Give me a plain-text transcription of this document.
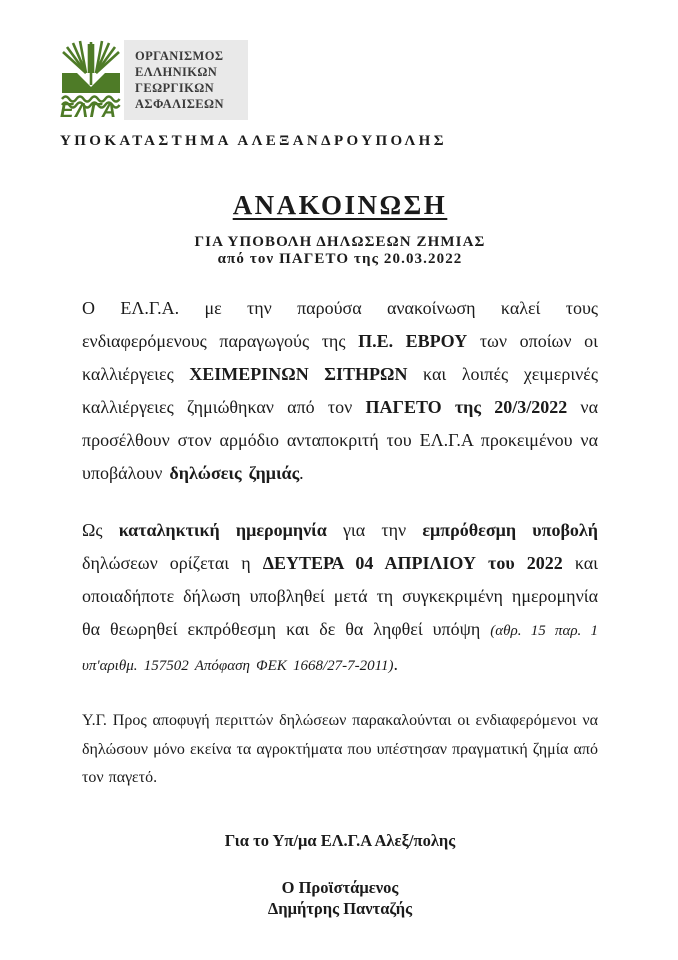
ΕΛΓΑ
ΟΡΓΑΝΙΣΜΟΣ
ΕΛΛΗΝΙΚΩΝ
ΓΕΩΡΓΙΚΩΝ
ΑΣΦΑΛΙΣΕΩΝ
ΥΠΟΚΑΤΑΣΤΗΜΑ ΑΛΕΞΑΝΔΡΟΥΠΟΛΗΣ
ΑΝΑΚΟΙΝΩΣΗ
ΓΙΑ ΥΠΟΒΟΛΗ ΔΗΛΩΣΕΩΝ ΖΗΜΙΑΣ
από τον ΠΑΓΕΤΟ της 20.03.2022

Ο ΕΛ.Γ.Α. με την παρούσα ανακοίνωση καλεί τους ενδιαφερόμενους παραγωγούς της Π.Ε. ΕΒΡΟΥ των οποίων οι καλλιέργειες ΧΕΙΜΕΡΙΝΩΝ ΣΙΤΗΡΩΝ και λοιπές χειμερινές καλλιέργειες ζημιώθηκαν από τον ΠΑΓΕΤΟ της 20/3/2022 να προσέλθουν στον αρμόδιο ανταποκριτή του ΕΛ.Γ.Α προκειμένου να υποβάλουν δηλώσεις ζημιάς.

Ως καταληκτική ημερομηνία για την εμπρόθεσμη υποβολή δηλώσεων ορίζεται η ΔΕΥΤΕΡΑ 04 ΑΠΡΙΛΙΟΥ του 2022 και οποιαδήποτε δήλωση υποβληθεί μετά τη συγκεκριμένη ημερομηνία θα θεωρηθεί εκπρόθεσμη και δε θα ληφθεί υπόψη (αθρ. 15 παρ. 1 υπ'αριθμ. 157502 Απόφαση ΦΕΚ 1668/27-7-2011).

Υ.Γ. Προς αποφυγή περιττών δηλώσεων παρακαλούνται οι ενδιαφερόμενοι να δηλώσουν μόνο εκείνα τα αγροκτήματα που υπέστησαν πραγματική ζημία από τον παγετό.

Για το Υπ/μα ΕΛ.Γ.Α Αλεξ/πολης
Ο Προϊστάμενος
Δημήτρης Πανταζής
